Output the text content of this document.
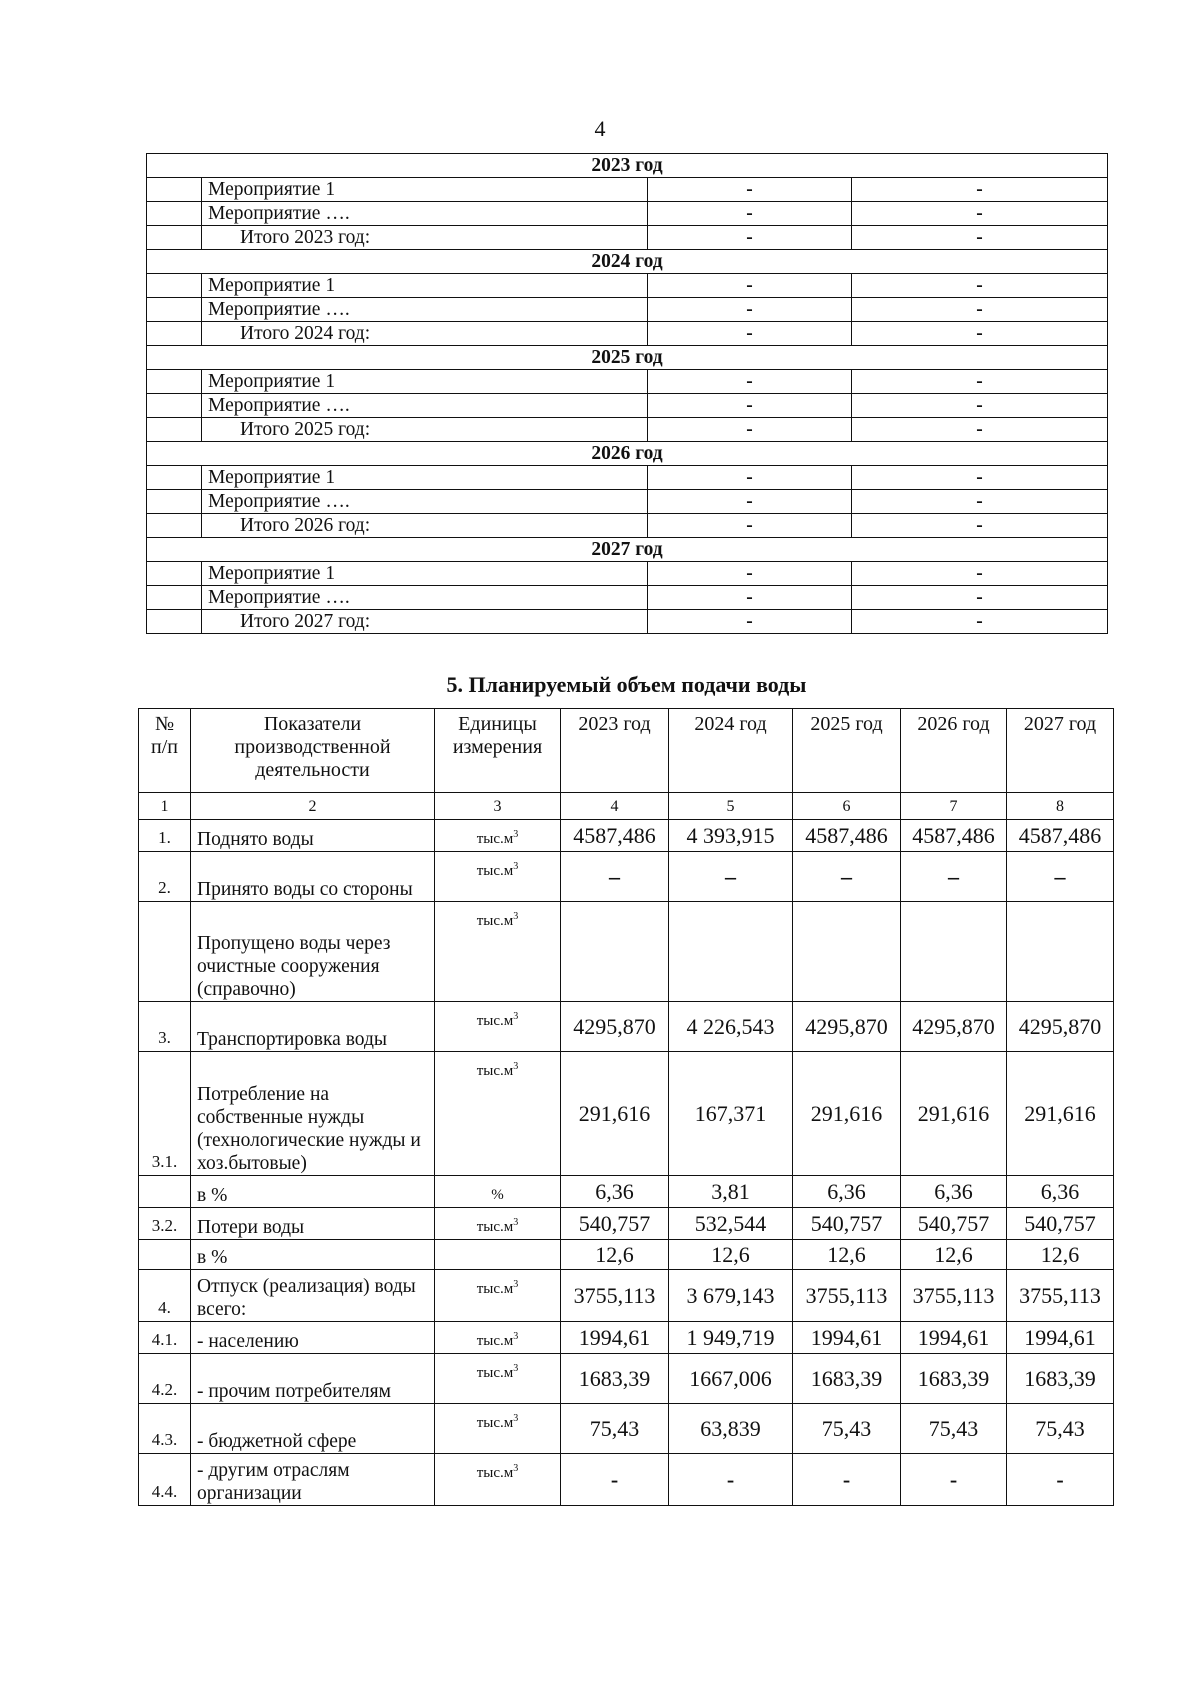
4
2023 год			
	Мероприятие 1	-	-
	Мероприятие ….	-	-
	Итого 2023 год:	-	-
2024 год			
	Мероприятие 1	-	-
	Мероприятие ….	-	-
	Итого 2024 год:	-	-
2025 год			
	Мероприятие 1	-	-
	Мероприятие ….	-	-
	Итого 2025 год:	-	-
2026 год			
	Мероприятие 1	-	-
	Мероприятие ….	-	-
	Итого 2026 год:	-	-
2027 год			
	Мероприятие 1	-	-
	Мероприятие ….	-	-
	Итого 2027 год:	-	-
5. Планируемый объем подачи воды
№ п/п	Показатели производственной деятельности	Единицы измерения	2023 год	2024 год	2025 год	2026 год	2027 год
1	2	3	4	5	6	7	8
1.	Поднято воды	$тыс.м^3$	4587,486	4 393,915	4587,486	4587,486	4587,486
2.	Принято воды со стороны	$тыс.м^3$	–	–	–	–	–
	Пропущено воды через очистные сооружения (справочно)	$тыс.м^3$					
3.	Транспортировка воды	$тыс.м^3$	4295,870	4 226,543	4295,870	4295,870	4295,870
3.1.	Потребление на собственные нужды (технологические нужды и хоз.бытовые)	$тыс.м^3$	291,616	167,371	291,616	291,616	291,616
	в %	%	6,36	3,81	6,36	6,36	6,36
3.2.	Потери воды	$тыс.м^3$	540,757	532,544	540,757	540,757	540,757
	в %		12,6	12,6	12,6	12,6	12,6
4.	Отпуск (реализация) воды всего:	$тыс.м^3$	3755,113	3 679,143	3755,113	3755,113	3755,113
4.1.	- населению	$тыс.м^3$	1994,61	1 949,719	1994,61	1994,61	1994,61
4.2.	- прочим потребителям	$тыс.м^3$	1683,39	1667,006	1683,39	1683,39	1683,39
4.3.	- бюджетной сфере	$тыс.м^3$	75,43	63,839	75,43	75,43	75,43
4.4.	- другим отраслям организации	$тыс.м^3$	-	-	-	-	-
